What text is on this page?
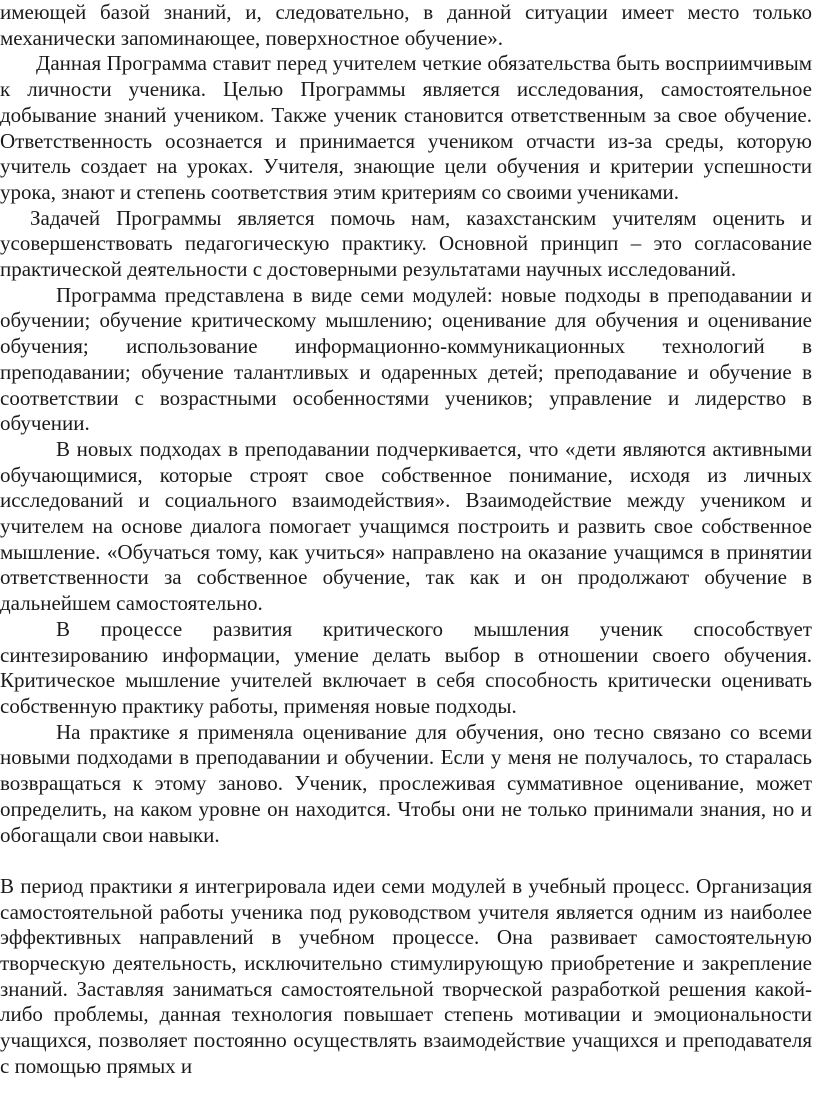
имеющей базой знаний, и, следовательно, в данной ситуации имеет место только механически запоминающее, поверхностное обучение».

Данная Программа ставит перед учителем четкие обязательства быть восприимчивым к личности ученика. Целью Программы является исследования, самостоятельное добывание знаний учеником. Также ученик становится ответственным за свое обучение. Ответственность осознается и принимается учеником отчасти из-за среды, которую учитель создает на уроках. Учителя, знающие цели обучения и критерии успешности урока, знают и степень соответствия этим критериям со своими учениками.

Задачей Программы является помочь нам, казахстанским учителям оценить и усовершенствовать педагогическую практику. Основной принцип – это согласование практической деятельности с достоверными результатами научных исследований.

Программа представлена в виде семи модулей: новые подходы в преподавании и обучении; обучение критическому мышлению; оценивание для обучения и оценивание обучения; использование информационно-коммуникационных технологий в преподавании; обучение талантливых и одаренных детей; преподавание и обучение в соответствии с возрастными особенностями учеников; управление и лидерство в обучении.

В новых подходах в преподавании подчеркивается, что «дети являются активными обучающимися, которые строят свое собственное понимание, исходя из личных исследований и социального взаимодействия». Взаимодействие между учеником и учителем на основе диалога помогает учащимся построить и развить свое собственное мышление. «Обучаться тому, как учиться» направлено на оказание учащимся в принятии ответственности за собственное обучение, так как и он продолжают обучение в дальнейшем самостоятельно.

В процессе развития критического мышления ученик способствует синтезированию информации, умение делать выбор в отношении своего обучения. Критическое мышление учителей включает в себя способность критически оценивать собственную практику работы, применяя новые подходы.

На практике я применяла оценивание для обучения, оно тесно связано со всеми новыми подходами в преподавании и обучении. Если у меня не получалось, то старалась возвращаться к этому заново. Ученик, прослеживая суммативное оценивание, может определить, на каком уровне он находится. Чтобы они не только принимали знания, но и обогащали свои навыки.

В период практики я интегрировала идеи семи модулей в учебный процесс. Организация самостоятельной работы ученика под руководством учителя является одним из наиболее эффективных направлений в учебном процессе. Она развивает самостоятельную творческую деятельность, исключительно стимулирующую приобретение и закрепление знаний. Заставляя заниматься самостоятельной творческой разработкой решения какой-либо проблемы, данная технология повышает степень мотивации и эмоциональности учащихся, позволяет постоянно осуществлять взаимодействие учащихся и преподавателя с помощью прямых и
